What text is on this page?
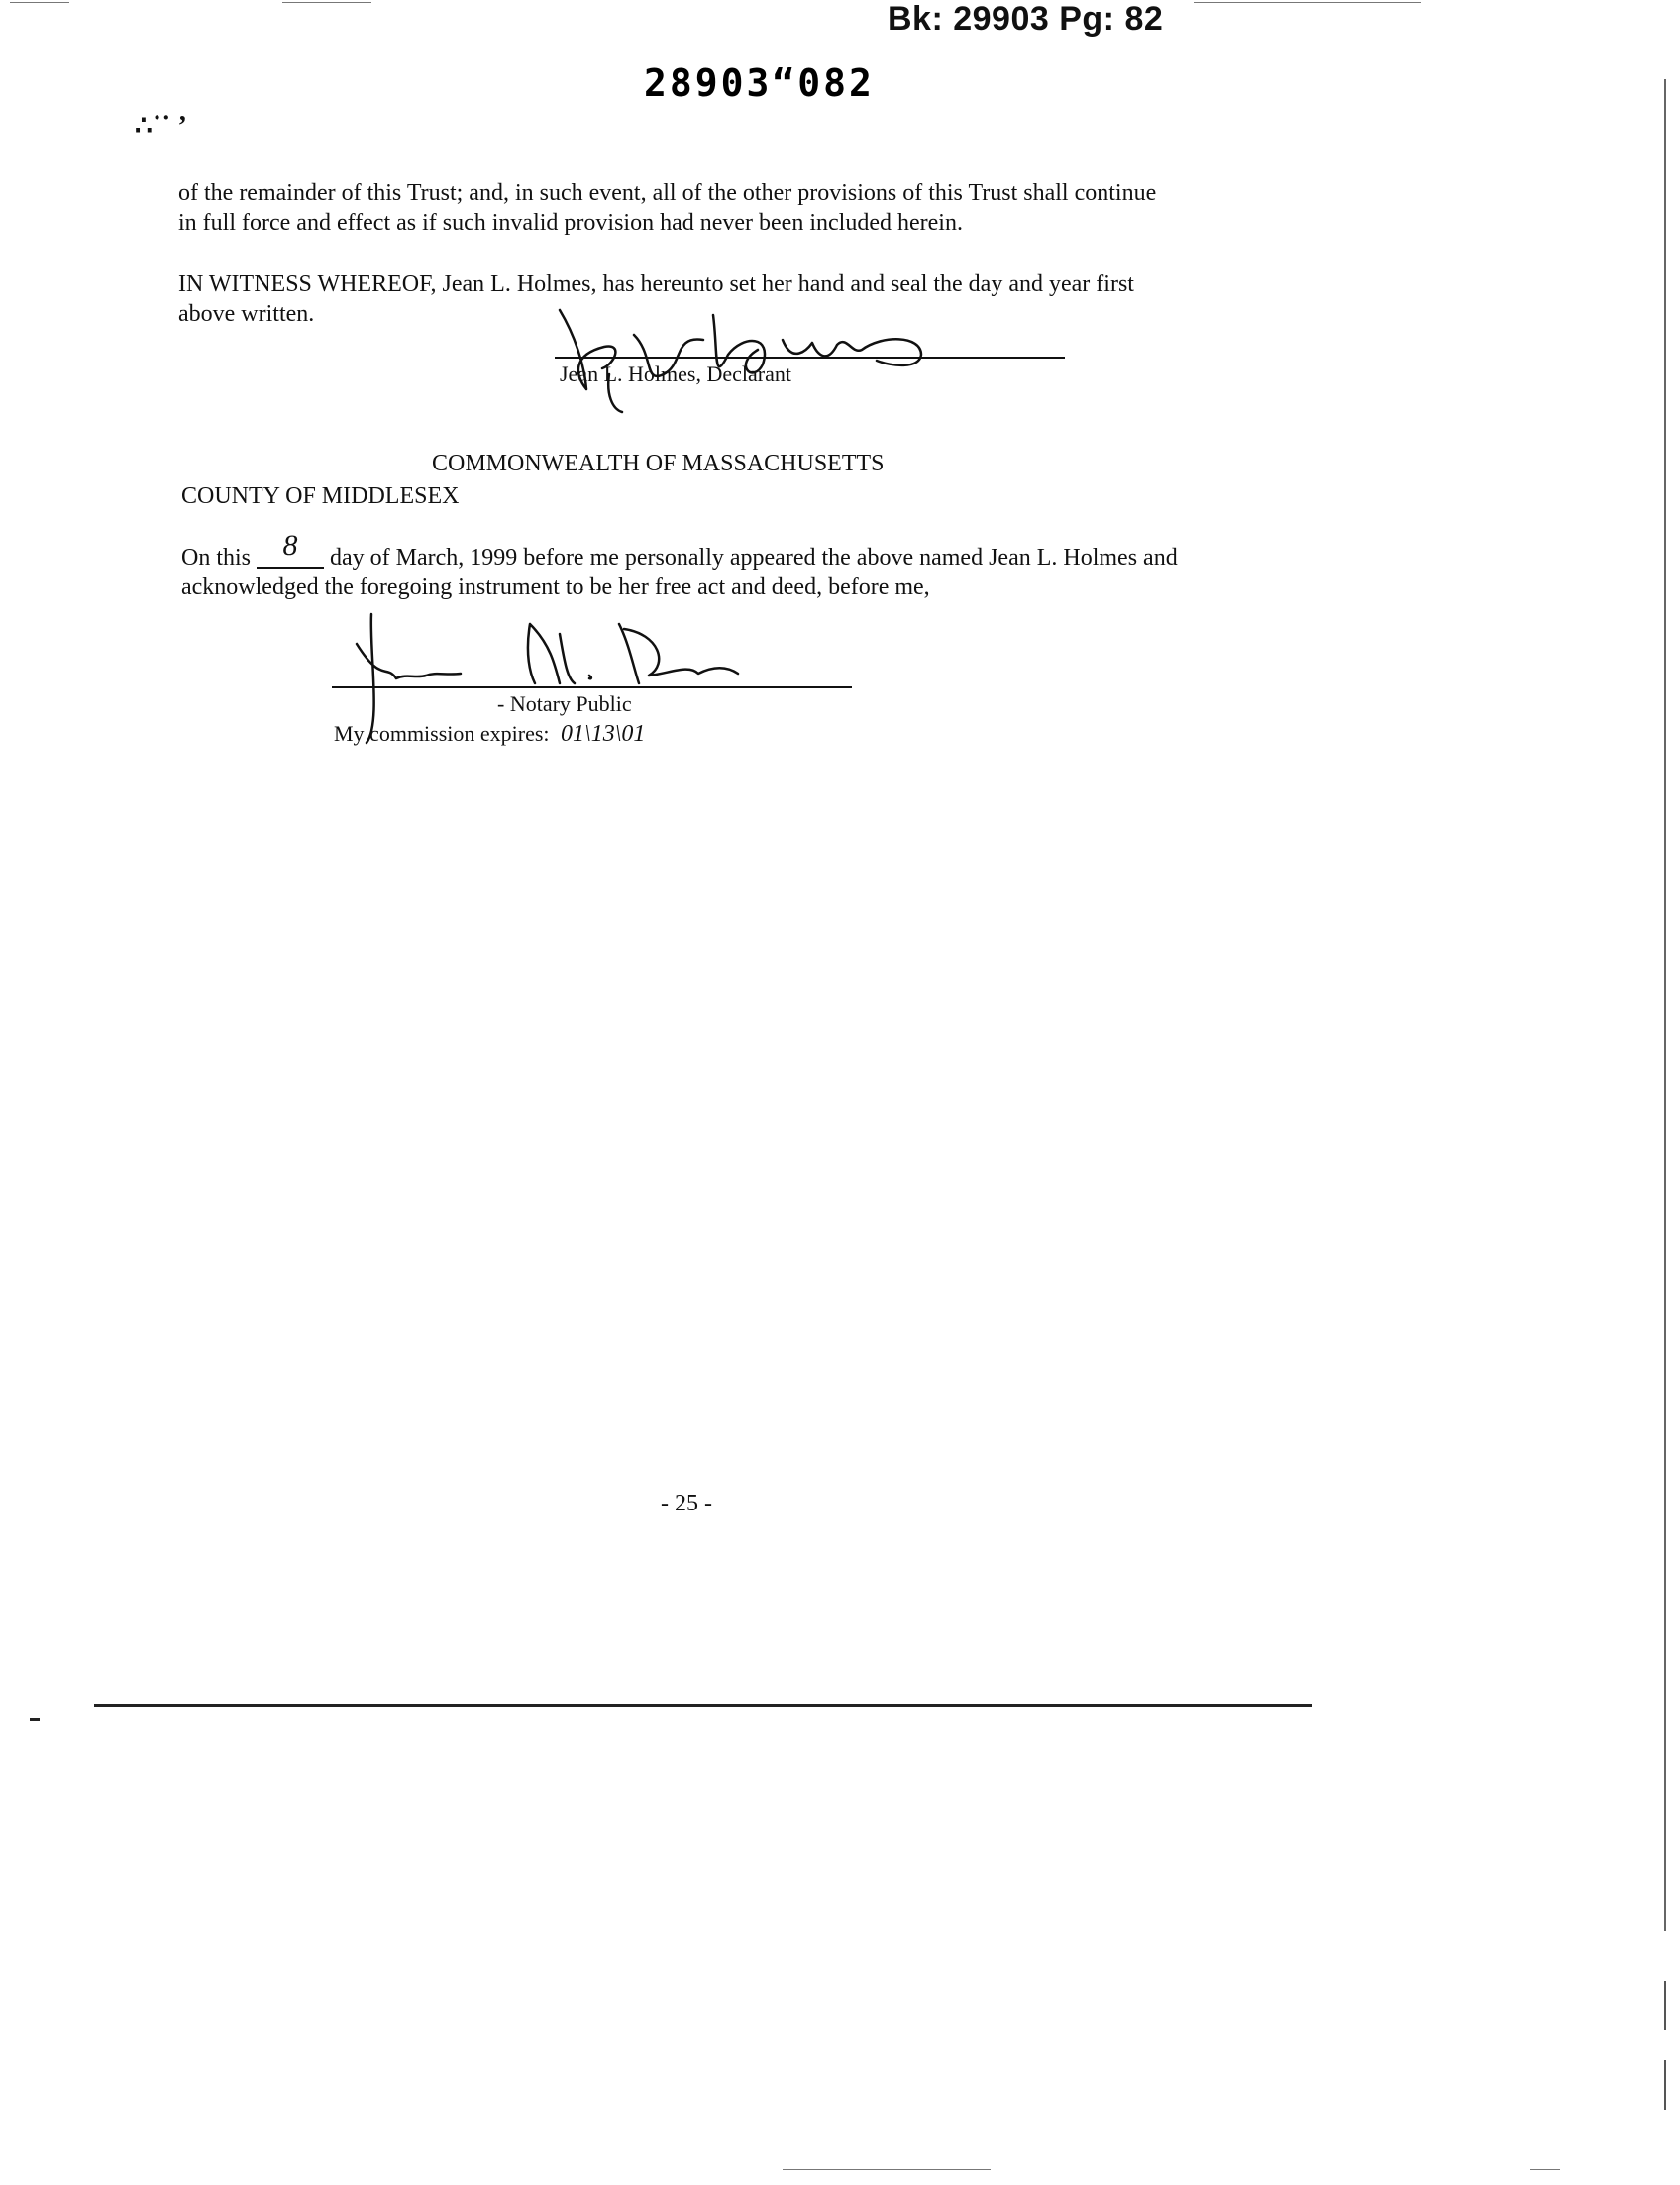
Bk: 29903 Pg: 82
28903“082
∴˙˙ ’
of the remainder of this Trust; and, in such event, all of the other provisions of this Trust shall continue in full force and effect as if such invalid provision had never been included herein.
IN WITNESS WHEREOF, Jean L. Holmes, has hereunto set her hand and seal the day and year first above written.
Jean L. Holmes, Declarant
COMMONWEALTH OF MASSACHUSETTS
COUNTY OF MIDDLESEX
On this 8 day of March, 1999 before me personally appeared the above named Jean L. Holmes and acknowledged the foregoing instrument to be her free act and deed, before me,
- Notary Public
My commission expires: 01\13\01
- 25 -
